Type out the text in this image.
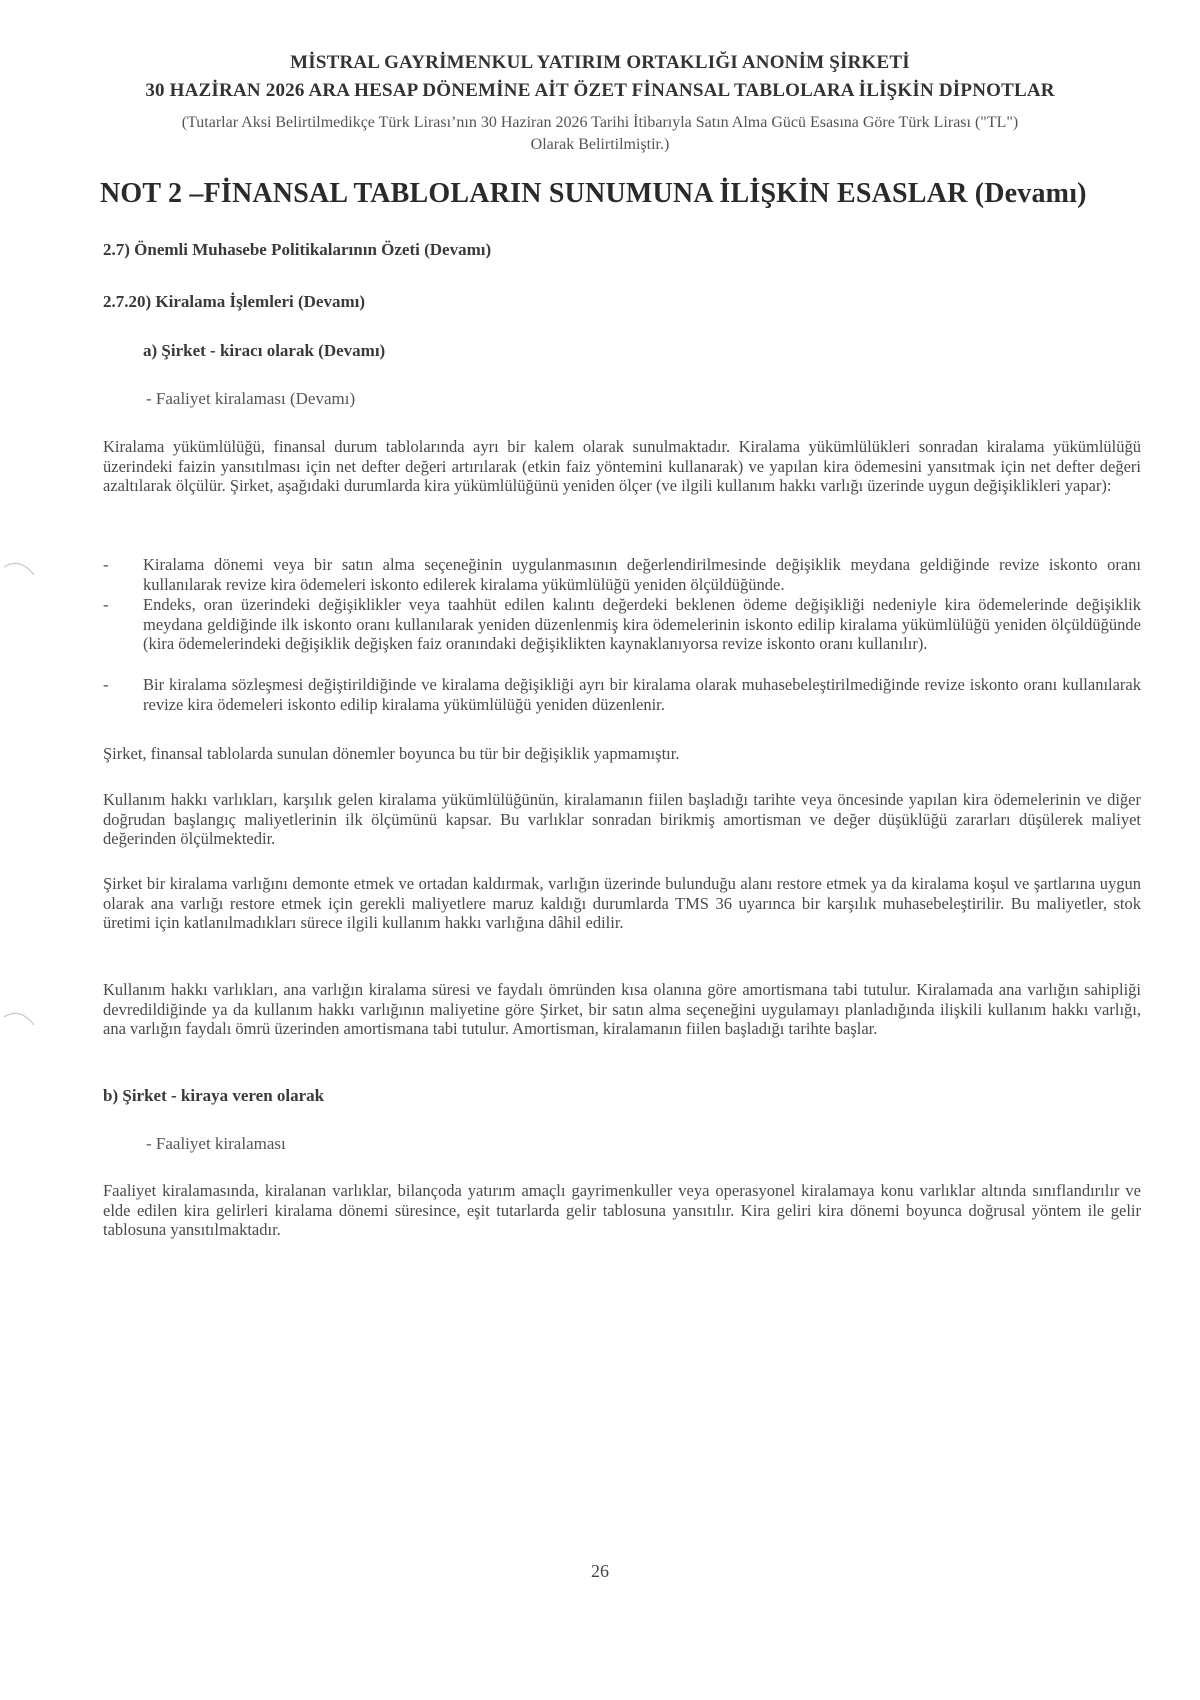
MİSTRAL GAYRİMENKUL YATIRIM ORTAKLIĞI ANONİM ŞİRKETİ
30 HAZİRAN 2026 ARA HESAP DÖNEMİNE AİT ÖZET FİNANSAL TABLOLARA İLİŞKİN DİPNOTLAR
(Tutarlar Aksi Belirtilmedikçe Türk Lirası’nın 30 Haziran 2026 Tarihi İtibarıyla Satın Alma Gücü Esasına Göre Türk Lirası ("TL")
Olarak Belirtilmiştir.)
NOT 2 –FİNANSAL TABLOLARIN SUNUMUNA İLİŞKİN ESASLAR (Devamı)
2.7) Önemli Muhasebe Politikalarının Özeti (Devamı)
2.7.20) Kiralama İşlemleri (Devamı)
a) Şirket - kiracı olarak (Devamı)
- Faaliyet kiralaması (Devamı)
Kiralama yükümlülüğü, finansal durum tablolarında ayrı bir kalem olarak sunulmaktadır. Kiralama yükümlülükleri sonradan kiralama yükümlülüğü üzerindeki faizin yansıtılması için net defter değeri artırılarak (etkin faiz yöntemini kullanarak) ve yapılan kira ödemesini yansıtmak için net defter değeri azaltılarak ölçülür. Şirket, aşağıdaki durumlarda kira yükümlülüğünü yeniden ölçer (ve ilgili kullanım hakkı varlığı üzerinde uygun değişiklikleri yapar):
- Kiralama dönemi veya bir satın alma seçeneğinin uygulanmasının değerlendirilmesinde değişiklik meydana geldiğinde revize iskonto oranı kullanılarak revize kira ödemeleri iskonto edilerek kiralama yükümlülüğü yeniden ölçüldüğünde.
- Endeks, oran üzerindeki değişiklikler veya taahhüt edilen kalıntı değerdeki beklenen ödeme değişikliği nedeniyle kira ödemelerinde değişiklik meydana geldiğinde ilk iskonto oranı kullanılarak yeniden düzenlenmiş kira ödemelerinin iskonto edilip kiralama yükümlülüğü yeniden ölçüldüğünde (kira ödemelerindeki değişiklik değişken faiz oranındaki değişiklikten kaynaklanıyorsa revize iskonto oranı kullanılır).
- Bir kiralama sözleşmesi değiştirildiğinde ve kiralama değişikliği ayrı bir kiralama olarak muhasebeleştirilmediğinde revize iskonto oranı kullanılarak revize kira ödemeleri iskonto edilip kiralama yükümlülüğü yeniden düzenlenir.
Şirket, finansal tablolarda sunulan dönemler boyunca bu tür bir değişiklik yapmamıştır.
Kullanım hakkı varlıkları, karşılık gelen kiralama yükümlülüğünün, kiralamanın fiilen başladığı tarihte veya öncesinde yapılan kira ödemelerinin ve diğer doğrudan başlangıç maliyetlerinin ilk ölçümünü kapsar. Bu varlıklar sonradan birikmiş amortisman ve değer düşüklüğü zararları düşülerek maliyet değerinden ölçülmektedir.
Şirket bir kiralama varlığını demonte etmek ve ortadan kaldırmak, varlığın üzerinde bulunduğu alanı restore etmek ya da kiralama koşul ve şartlarına uygun olarak ana varlığı restore etmek için gerekli maliyetlere maruz kaldığı durumlarda TMS 36 uyarınca bir karşılık muhasebeleştirilir. Bu maliyetler, stok üretimi için katlanılmadıkları sürece ilgili kullanım hakkı varlığına dâhil edilir.
Kullanım hakkı varlıkları, ana varlığın kiralama süresi ve faydalı ömründen kısa olanına göre amortismana tabi tutulur. Kiralamada ana varlığın sahipliği devredildiğinde ya da kullanım hakkı varlığının maliyetine göre Şirket, bir satın alma seçeneğini uygulamayı planladığında ilişkili kullanım hakkı varlığı, ana varlığın faydalı ömrü üzerinden amortismana tabi tutulur. Amortisman, kiralamanın fiilen başladığı tarihte başlar.
b) Şirket - kiraya veren olarak
- Faaliyet kiralaması
Faaliyet kiralamasında, kiralanan varlıklar, bilançoda yatırım amaçlı gayrimenkuller veya operasyonel kiralamaya konu varlıklar altında sınıflandırılır ve elde edilen kira gelirleri kiralama dönemi süresince, eşit tutarlarda gelir tablosuna yansıtılır. Kira geliri kira dönemi boyunca doğrusal yöntem ile gelir tablosuna yansıtılmaktadır.
26
